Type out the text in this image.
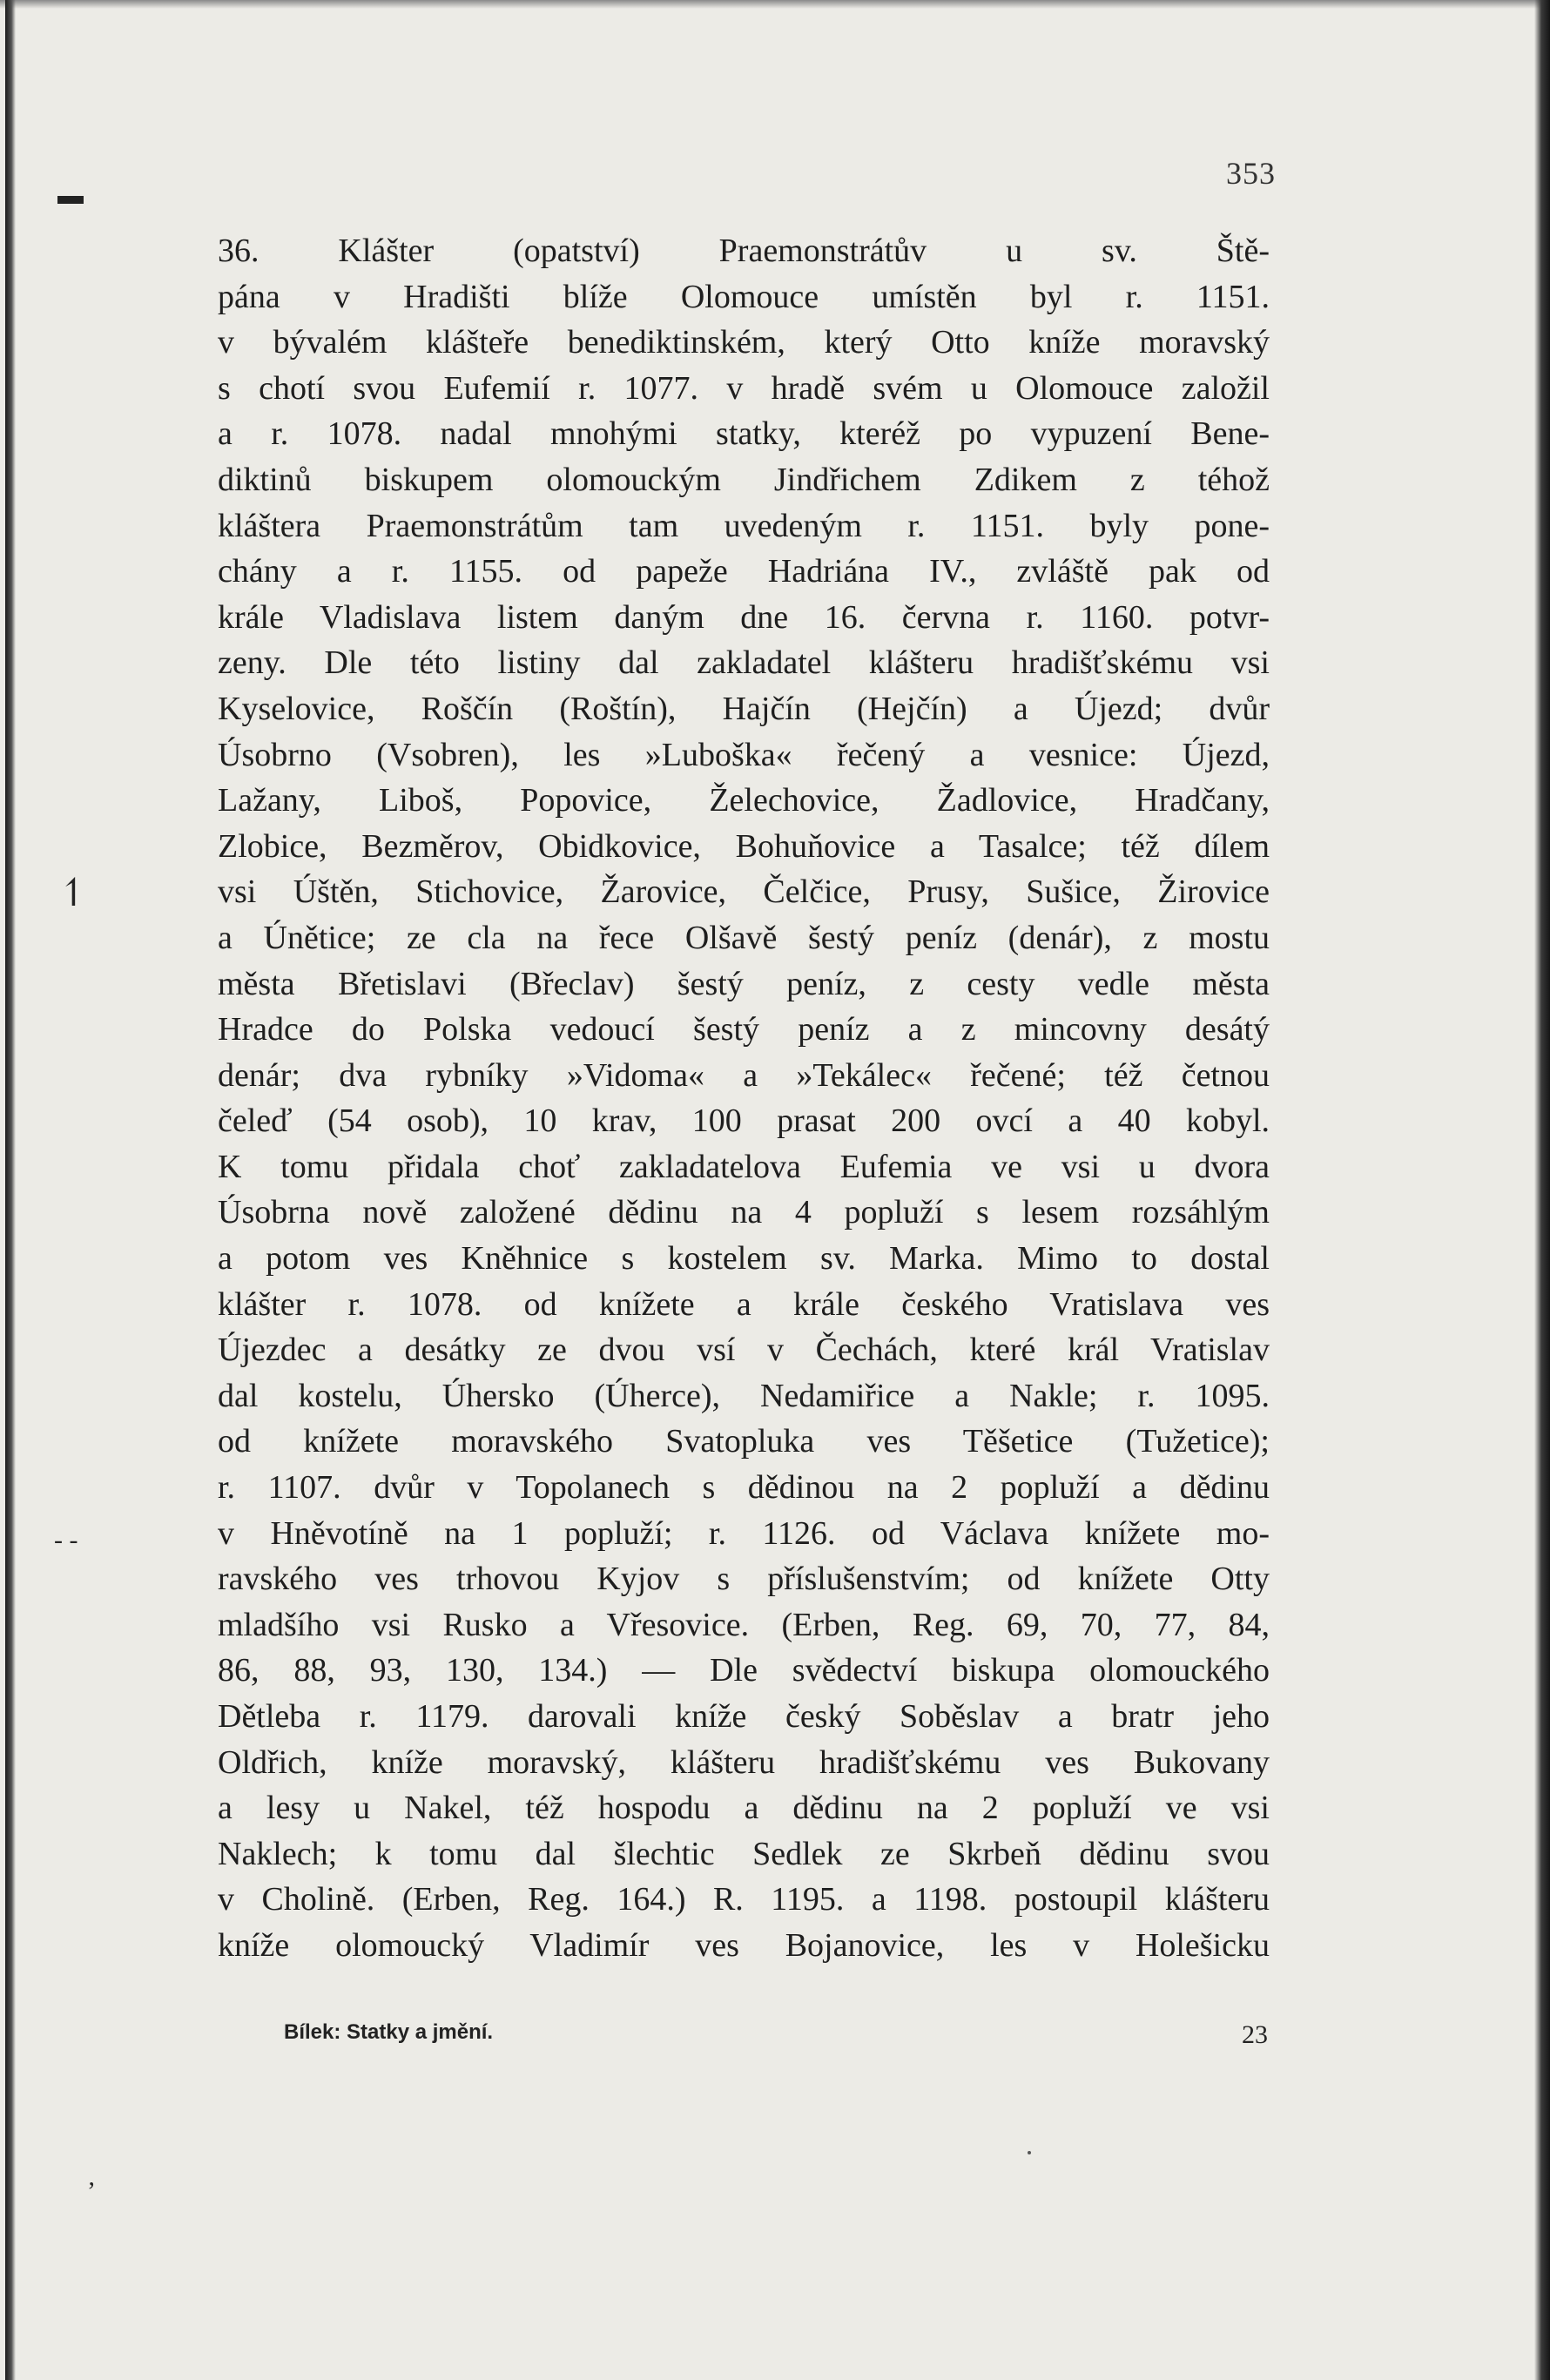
353
▬
↿
- -
ʼ
36. Klášter (opatství) Praemonstrátův u sv. Ště-
pána v Hradišti blíže Olomouce umístěn byl r. 1151.
v bývalém klášteře benediktinském, který Otto kníže moravský
s chotí svou Eufemií r. 1077. v hradě svém u Olomouce založil
a r. 1078. nadal mnohými statky, kteréž po vypuzení Bene-
diktinů biskupem olomouckým Jindřichem Zdikem z téhož
kláštera Praemonstrátům tam uvedeným r. 1151. byly pone-
chány a r. 1155. od papeže Hadriána IV., zvláště pak od
krále Vladislava listem daným dne 16. června r. 1160. potvr-
zeny. Dle této listiny dal zakladatel klášteru hradišťskému vsi
Kyselovice, Roščín (Roštín), Hajčín (Hejčín) a Újezd; dvůr
Úsobrno (Vsobren), les »Luboška« řečený a vesnice: Újezd,
Lažany, Liboš, Popovice, Želechovice, Žadlovice, Hradčany,
Zlobice, Bezměrov, Obidkovice, Bohuňovice a Tasalce; též dílem
vsi Úštěn, Stichovice, Žarovice, Čelčice, Prusy, Sušice, Žirovice
a Únětice; ze cla na řece Olšavě šestý peníz (denár), z mostu
města Břetislavi (Břeclav) šestý peníz, z cesty vedle města
Hradce do Polska vedoucí šestý peníz a z mincovny desátý
denár; dva rybníky »Vidoma« a »Tekálec« řečené; též četnou
čeleď (54 osob), 10 krav, 100 prasat 200 ovcí a 40 kobyl.
K tomu přidala choť zakladatelova Eufemia ve vsi u dvora
Úsobrna nově založené dědinu na 4 popluží s lesem rozsáhlým
a potom ves Kněhnice s kostelem sv. Marka. Mimo to dostal
klášter r. 1078. od knížete a krále českého Vratislava ves
Újezdec a desátky ze dvou vsí v Čechách, které král Vratislav
dal kostelu, Úhersko (Úherce), Nedamiřice a Nakle; r. 1095.
od knížete moravského Svatopluka ves Těšetice (Tužetice);
r. 1107. dvůr v Topolanech s dědinou na 2 popluží a dědinu
v Hněvotíně na 1 popluží; r. 1126. od Václava knížete mo-
ravského ves trhovou Kyjov s příslušenstvím; od knížete Otty
mladšího vsi Rusko a Vřesovice. (Erben, Reg. 69, 70, 77, 84,
86, 88, 93, 130, 134.) — Dle svědectví biskupa olomouckého
Dětleba r. 1179. darovali kníže český Soběslav a bratr jeho
Oldřich, kníže moravský, klášteru hradišťskému ves Bukovany
a lesy u Nakel, též hospodu a dědinu na 2 popluží ve vsi
Naklech; k tomu dal šlechtic Sedlek ze Skrbeň dědinu svou
v Cholině. (Erben, Reg. 164.) R. 1195. a 1198. postoupil klášteru
kníže olomoucký Vladimír ves Bojanovice, les v Holešicku
Bílek: Statky a jmění.	23
